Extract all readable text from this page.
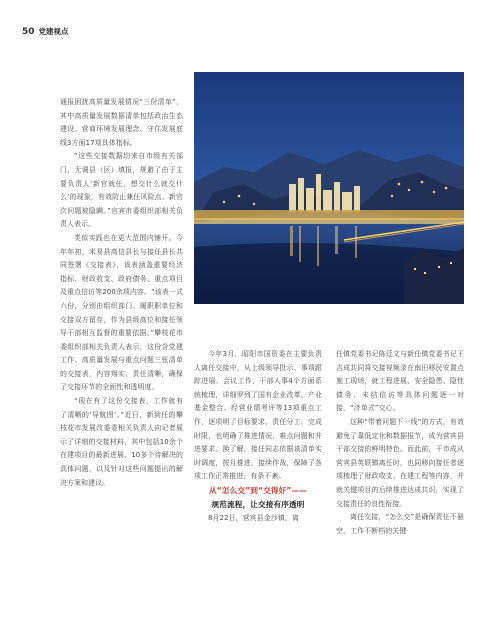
50 党建视点

通报困扰高质量发展情况“三份清单”，其中高质量发展数据清单包括政治生态建设、营商环境发展理念、守住发展底线3方面17项具体指标。

“这些交接数据均来自市级有关部门，无调县（区）填报，规避了由于主要负责人‘新官就任，想交什么就交什么’的现象，有效防止兼任风险点、新官次问题被隐瞒。”官宾市委组织部相关负责人表示。

类似实践也在更大范围内铺开。今年年初，米易县高信县长与接任县长共同签署《交接表》，该表涵盖重要经济指标、财政收支、政府债务、重点项目及重点信访等200余项内容。“该表一式六份，分别由组织部门、履职职单位和交接双方留存，作为县级高位和接任领导干部相互监督的重要依据。”攀枝花市委组织部相关负责人表示，这份含党建工作、高质量发展与重点问题三张清单的交接表，内容翔实、责任清晰，确保了交接环节的全面性和透明度。

“现在有了这份交接表，工作就有了清晰的‘导航图’。”近日，新到任的攀枝花市发展改委委相关负责人向记者展示了详细的交接材料，其中包括10余个在建项目的最新进展、10多个待解决的具体问题，以及针对这些问题提出的解决方案和建议。

今年3月，昭阳市国资委在主要负责人离任交接中，从上级领导批示、事项跟踪进展、会议工作、干部人事4个方面系统梳理，详细罗列了国有企业改革、产业基金整合、经营业绩考评等13项重点工作，逐项明了目标要求、责任分工、完成时限，也明确了推进情况、难点问题和并进要求。换了解，接任同志依据该清单实时调度，按月推进，接续作战，保障了各项工作正常推进、有条不紊。

从“怎么交”到“交得好”——

规范流程，让交接有序透明

8月22日，营宾县金沙镇，离

任镇党委书记陈廷文与新任镇党委书记王吉成共同将交接视频录在南田移民安置点施工现场，就工程进展、安全隐患、隐性债务、未结信访等具体问题逐一对接，“济单式”交心。

这种“带着问题下一线”的方式，有效避免了靠低定化和数据报节，成为营宾县干部交接的鲜明特色。而此前，干市成从营宾县英联镇离任时，也同移向接任者逐项梳理了财政收支、在建工程等内容，并就关键项目的后续推进达成共识，实现了交接责任的良性衔接。

离任交接，“怎么交”是确保责任不悬空、工作不断档的关键
